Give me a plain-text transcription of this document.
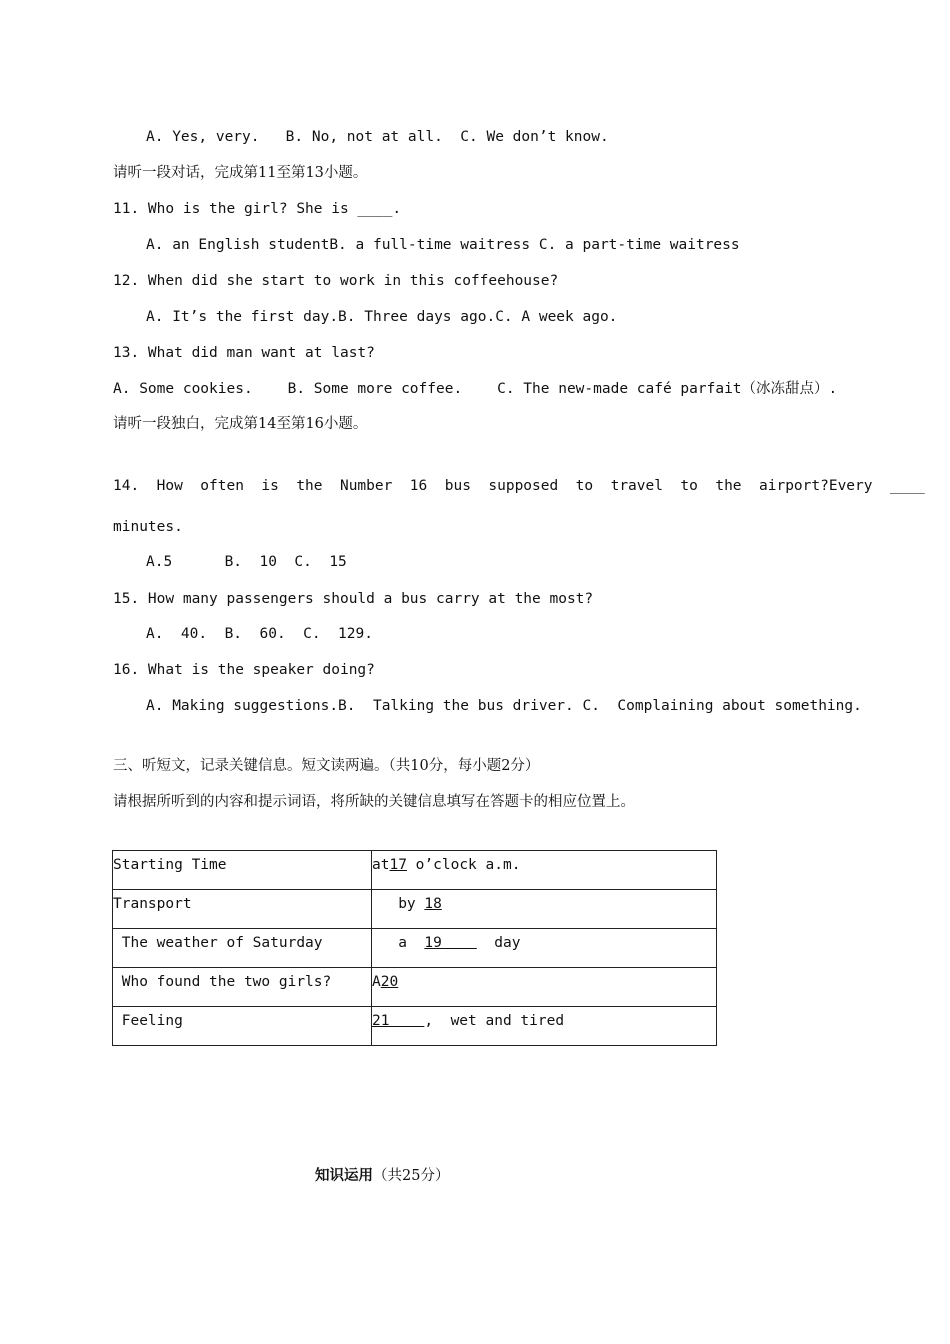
A. Yes, very.   B. No, not at all.  C. We don’t know.
请听一段对话，完成第11至第13小题。
11. Who is the girl? She is ____.
A. an English studentB. a full-time waitress C. a part-time waitress
12. When did she start to work in this coffeehouse?
A. It’s the first day.B. Three days ago.C. A week ago.
13. What did man want at last?
A. Some cookies.    B. Some more coffee.    C. The new-made café parfait（冰冻甜点）.
请听一段独白，完成第14至第16小题。
14.  How  often  is  the  Number  16  bus  supposed  to  travel  to  the  airport?Every  ____
minutes.
A.5      B.  10  C.  15
15. How many passengers should a bus carry at the most?
A.  40.  B.  60.  C.  129.
16. What is the speaker doing?
A. Making suggestions.B.  Talking the bus driver. C.  Complaining about something.
三、听短文，记录关键信息。短文读两遍。（共10分，每小题2分）
请根据所听到的内容和提示词语，将所缺的关键信息填写在答题卡的相应位置上。
Starting Time	at17 o’clock a.m.

Transport	by 18

The weather of Saturday	a  19      day

Who found the two girls?	A20

Feeling	21    ,  wet and tired
知识运用（共25分）
